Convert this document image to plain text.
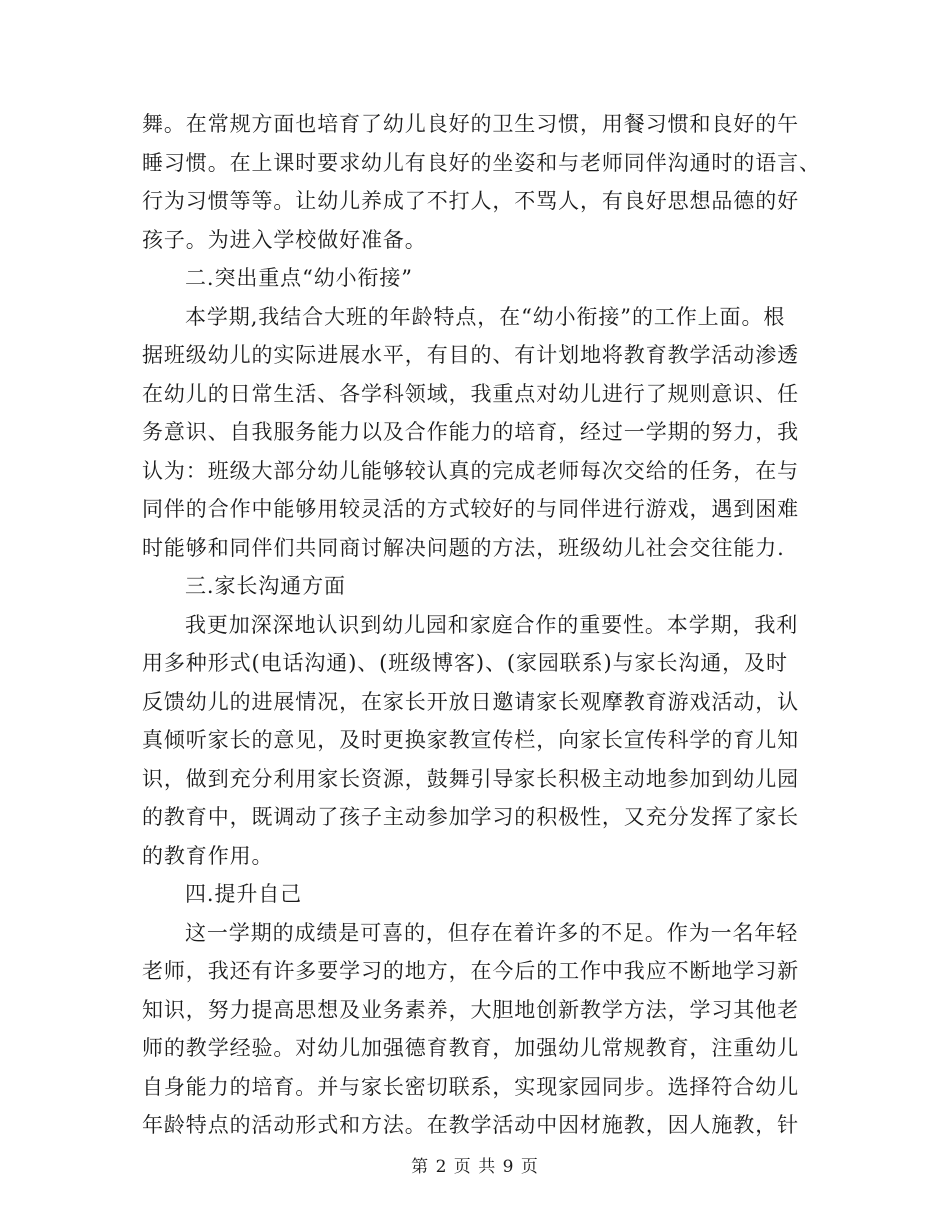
舞。在常规方面也培育了幼儿良好的卫生习惯，用餐习惯和良好的午
睡习惯。在上课时要求幼儿有良好的坐姿和与老师同伴沟通时的语言、
行为习惯等等。让幼儿养成了不打人，不骂人，有良好思想品德的好
孩子。为进入学校做好准备。
二.突出重点“幼小衔接”
本学期,我结合大班的年龄特点，在“幼小衔接”的工作上面。根
据班级幼儿的实际进展水平，有目的、有计划地将教育教学活动渗透
在幼儿的日常生活、各学科领域，我重点对幼儿进行了规则意识、任
务意识、自我服务能力以及合作能力的培育，经过一学期的努力，我
认为：班级大部分幼儿能够较认真的完成老师每次交给的任务，在与
同伴的合作中能够用较灵活的方式较好的与同伴进行游戏，遇到困难
时能够和同伴们共同商讨解决问题的方法，班级幼儿社会交往能力.
三.家长沟通方面
我更加深深地认识到幼儿园和家庭合作的重要性。本学期，我利
用多种形式(电话沟通)、(班级博客)、(家园联系)与家长沟通，及时
反馈幼儿的进展情况，在家长开放日邀请家长观摩教育游戏活动，认
真倾听家长的意见，及时更换家教宣传栏，向家长宣传科学的育儿知
识，做到充分利用家长资源，鼓舞引导家长积极主动地参加到幼儿园
的教育中，既调动了孩子主动参加学习的积极性，又充分发挥了家长
的教育作用。
四.提升自己
这一学期的成绩是可喜的，但存在着许多的不足。作为一名年轻
老师，我还有许多要学习的地方，在今后的工作中我应不断地学习新
知识，努力提高思想及业务素养，大胆地创新教学方法，学习其他老
师的教学经验。对幼儿加强德育教育，加强幼儿常规教育，注重幼儿
自身能力的培育。并与家长密切联系，实现家园同步。选择符合幼儿
年龄特点的活动形式和方法。在教学活动中因材施教，因人施教，针
第 2 页 共 9 页
